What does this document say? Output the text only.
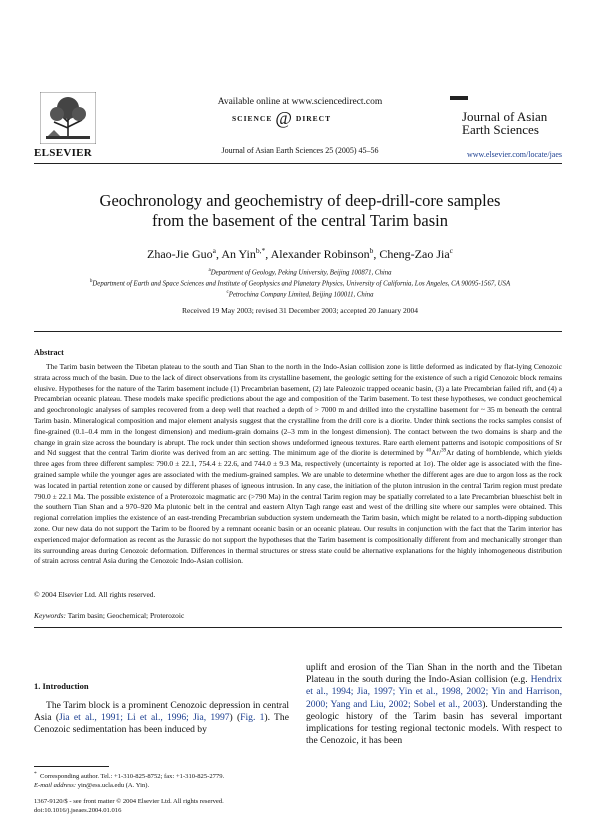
ELSEVIER
Available online at www.sciencedirect.com
SCIENCE @ DIRECT
Journal of Asian Earth Sciences 25 (2005) 45–56
Journal of Asian
Earth Sciences
www.elsevier.com/locate/jaes
Geochronology and geochemistry of deep-drill-core samples
from the basement of the central Tarim basin
Zhao-Jie Guo$^a$, An Yin$^{b,*}$, Alexander Robinson$^b$, Cheng-Zao Jia$^c$
$^a$Department of Geology, Peking University, Beijing 100871, China
$^b$Department of Earth and Space Sciences and Institute of Geophysics and Planetary Physics, University of California, Los Angeles, CA 90095-1567, USA
$^c$Petrochina Company Limited, Beijing 100011, China
Received 19 May 2003; revised 31 December 2003; accepted 20 January 2004
Abstract
The Tarim basin between the Tibetan plateau to the south and Tian Shan to the north in the Indo-Asian collision zone is little deformed as indicated by flat-lying Cenozoic strata across much of the basin. Due to the lack of direct observations from its crystalline basement, the geologic setting for the existence of such a rigid Cenozoic block remains elusive. Hypotheses for the nature of the Tarim basement include (1) Precambrian basement, (2) late Paleozoic trapped oceanic basin, (3) a late Precambrian failed rift, and (4) a Precambrian oceanic plateau. These models make specific predictions about the age and composition of the Tarim basement. To test these hypotheses, we conduct geochemical and geochronologic analyses of samples recovered from a deep well that reached a depth of > 7000 m and drilled into the crystalline basement for ~ 35 m beneath the central Tarim basin. Mineralogical composition and major element analysis suggest that the crystalline from the drill core is a diorite. Under think sections the rocks samples consist of fine-grained (0.1–0.4 mm in the longest dimension) and medium-grain domains (2–3 mm in the longest dimension). The contact between the two domains is sharp and the change in grain size across the boundary is abrupt. The rock under thin section shows undeformed igneous textures. Rare earth element patterns and isotopic compositions of Sr and Nd suggest that the central Tarim diorite was derived from an arc setting. The minimum age of the diorite is determined by $^{40}$Ar/$^{39}$Ar dating of hornblende, which yields three ages from three different samples: 790.0 ± 22.1, 754.4 ± 22.6, and 744.0 ± 9.3 Ma, respectively (uncertainty is reported at 1σ). The older age is associated with the fine-grained sample while the younger ages are associated with the medium-grained samples. We are unable to determine whether the different ages are due to argon loss as the rock was located in partial retention zone or caused by different phases of igneous intrusion. In any case, the initiation of the pluton intrusion in the central Tarim region must predate 790.0 ± 22.1 Ma. The possible existence of a Proterozoic magmatic arc (>790 Ma) in the central Tarim region may be spatially correlated to a late Precambrian blueschist belt in the southern Tian Shan and a 970–920 Ma plutonic belt in the central and eastern Altyn Tagh range east and west of the drilling site where our samples were obtained. This regional correlation implies the existence of an east-trending Precambrian subduction system underneath the Tarim basin, which might be related to a north-dipping subduction zone. Our new data do not support the Tarim to be floored by a remnant oceanic basin or an oceanic plateau. Our results in conjunction with the fact that the Tarim interior has experienced major deformation as recent as the Jurassic do not support the hypotheses that the Tarim basement is compositionally different from and mechanically stronger than its surrounding areas during Cenozoic deformation. Differences in thermal structures or stress state could be alternative explanations for the highly inhomogeneous distribution of strain across central Asia during the Cenozoic Indo-Asian collision.
© 2004 Elsevier Ltd. All rights reserved.
Keywords: Tarim basin; Geochemical; Proterozoic
1. Introduction
The Tarim block is a prominent Cenozoic depression in central Asia (Jia et al., 1991; Li et al., 1996; Jia, 1997) (Fig. 1). The Cenozoic sedimentation has been induced by
uplift and erosion of the Tian Shan in the north and the Tibetan Plateau in the south during the Indo-Asian collision (e.g. Hendrix et al., 1994; Jia, 1997; Yin et al., 1998, 2002; Yin and Harrison, 2000; Yang and Liu, 2002; Sobel et al., 2003). Understanding the geologic history of the Tarim basin has several important implications for testing regional tectonic models. With respect to the Cenozoic, it has been
* Corresponding author. Tel.: +1-310-825-8752; fax: +1-310-825-2779.
E-mail address: yin@ess.ucla.edu (A. Yin).
1367-9120/$ - see front matter © 2004 Elsevier Ltd. All rights reserved.
doi:10.1016/j.jseaes.2004.01.016
